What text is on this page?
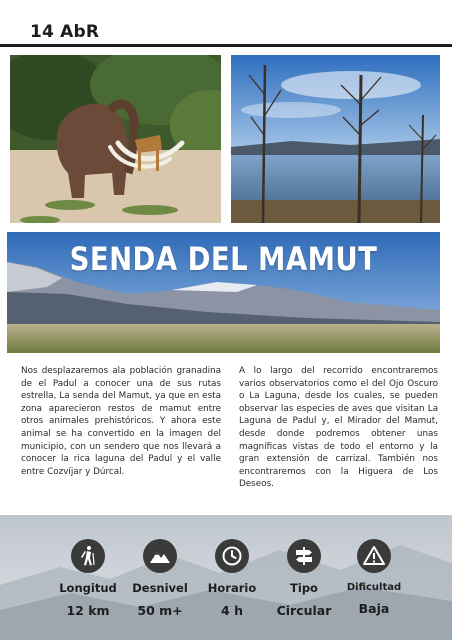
14 AbR
SENDA DEL MAMUT
Nos desplazaremos ala población granadina de el Padul a conocer una de sus rutas estrella, La senda del Mamut, ya que en esta zona aparecieron restos de mamut entre otros animales prehistóricos. Y ahora este animal se ha convertido en la imagen del municipio, con un sendero que nos llevará a conocer la rica laguna del Padul y el valle entre Cozvíjar y Dúrcal.
A lo largo del recorrido encontraremos varios observatorios como el del Ojo Oscuro o La Laguna, desde los cuales, se pueden observar las especies de aves que visitan La Laguna de Padul y, el Mirador del Mamut, desde donde podremos obtener unas magníficas vistas de todo el entorno y la gran extensión de carrizal. También nos encontraremos con la Higuera de Los Deseos.
Longitud
12 km
Desnivel
50 m+
Horario
4 h
Tipo
Circular
Dificultad
Baja
